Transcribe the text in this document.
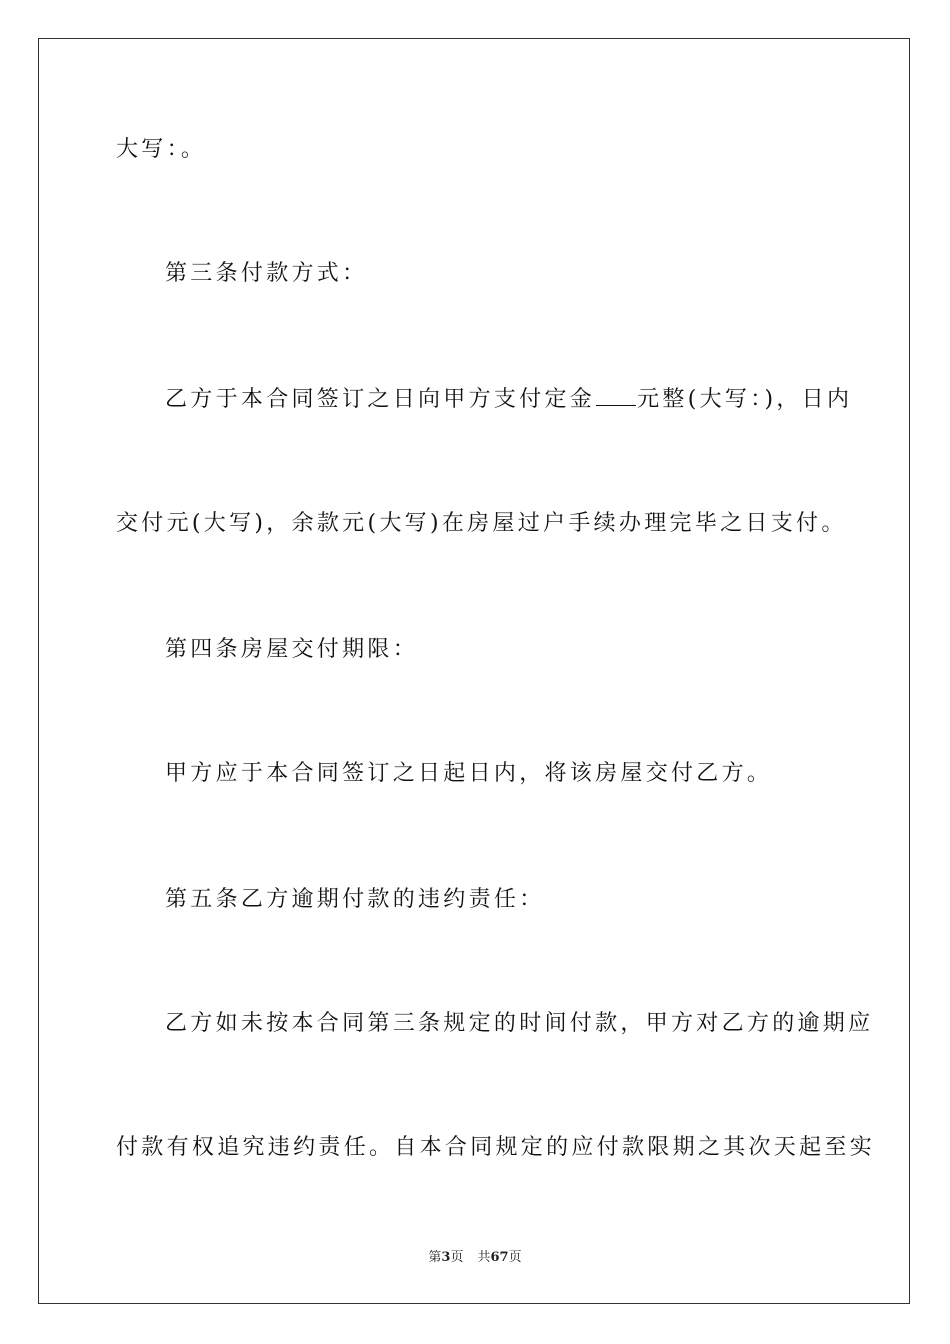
大写：。
第三条付款方式：
乙方于本合同签订之日向甲方支付定金 元整(大写：)，日内
交付元(大写)，余款元(大写)在房屋过户手续办理完毕之日支付。
第四条房屋交付期限：
甲方应于本合同签订之日起日内，将该房屋交付乙方。
第五条乙方逾期付款的违约责任：
乙方如未按本合同第三条规定的时间付款，甲方对乙方的逾期应
付款有权追究违约责任。自本合同规定的应付款限期之其次天起至实
第3页 共67页
